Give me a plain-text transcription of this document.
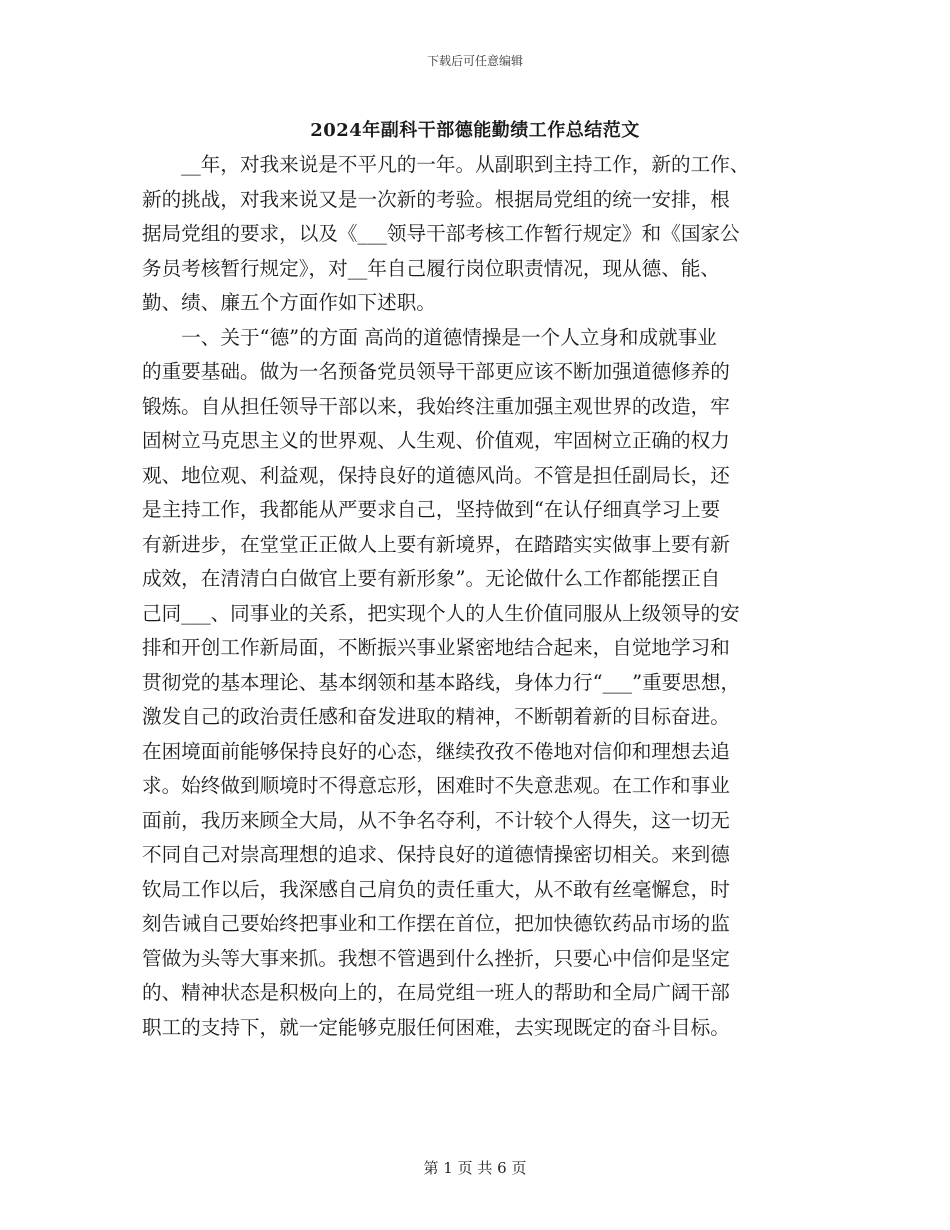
下载后可任意编辑
2024年副科干部德能勤绩工作总结范文
　　__年，对我来说是不平凡的一年。从副职到主持工作，新的工作、
新的挑战，对我来说又是一次新的考验。根据局党组的统一安排，根
据局党组的要求，以及《___领导干部考核工作暂行规定》和《国家公
务员考核暂行规定》，对__年自己履行岗位职责情况，现从德、能、
勤、绩、廉五个方面作如下述职。
　　一、关于“德”的方面 高尚的道德情操是一个人立身和成就事业
的重要基础。做为一名预备党员领导干部更应该不断加强道德修养的
锻炼。自从担任领导干部以来，我始终注重加强主观世界的改造，牢
固树立马克思主义的世界观、人生观、价值观，牢固树立正确的权力
观、地位观、利益观，保持良好的道德风尚。不管是担任副局长，还
是主持工作，我都能从严要求自己，坚持做到“在认仔细真学习上要
有新进步，在堂堂正正做人上要有新境界，在踏踏实实做事上要有新
成效，在清清白白做官上要有新形象”。无论做什么工作都能摆正自
己同___、同事业的关系，把实现个人的人生价值同服从上级领导的安
排和开创工作新局面，不断振兴事业紧密地结合起来，自觉地学习和
贯彻党的基本理论、基本纲领和基本路线，身体力行“___”重要思想，
激发自己的政治责任感和奋发进取的精神，不断朝着新的目标奋进。
在困境面前能够保持良好的心态，继续孜孜不倦地对信仰和理想去追
求。始终做到顺境时不得意忘形，困难时不失意悲观。在工作和事业
面前，我历来顾全大局，从不争名夺利，不计较个人得失，这一切无
不同自己对崇高理想的追求、保持良好的道德情操密切相关。来到德
钦局工作以后，我深感自己肩负的责任重大，从不敢有丝毫懈怠，时
刻告诫自己要始终把事业和工作摆在首位，把加快德钦药品市场的监
管做为头等大事来抓。我想不管遇到什么挫折，只要心中信仰是坚定
的、精神状态是积极向上的，在局党组一班人的帮助和全局广阔干部
职工的支持下，就一定能够克服任何困难，去实现既定的奋斗目标。
第 1 页 共 6 页
